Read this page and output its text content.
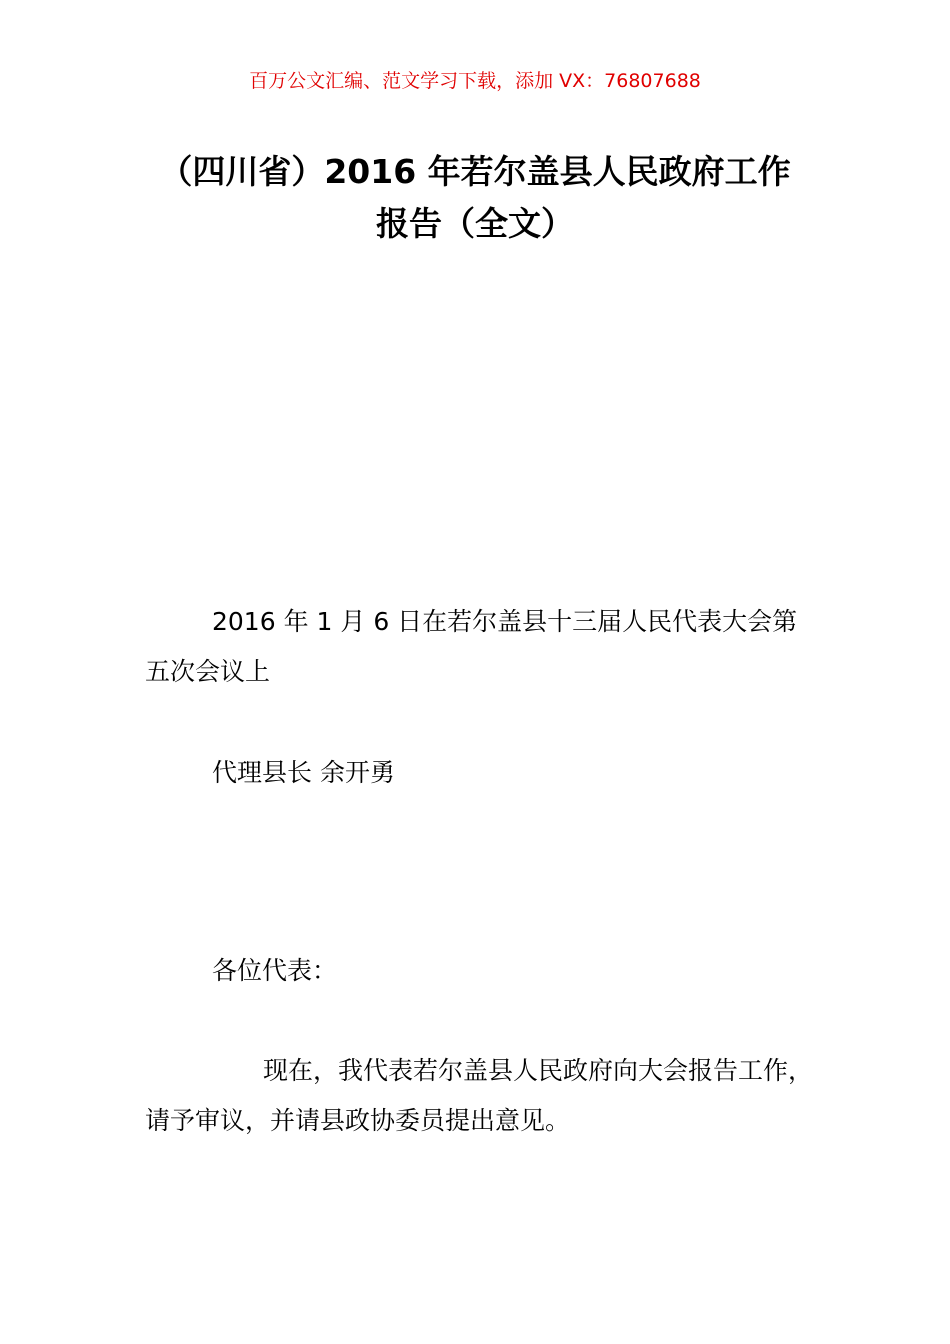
百万公文汇编、范文学习下载，添加 VX：76807688
（四川省）2016 年若尔盖县人民政府工作
报告（全文）
2016 年 1 月 6 日在若尔盖县十三届人民代表大会第
五次会议上
代理县长 余开勇
各位代表：
现在，我代表若尔盖县人民政府向大会报告工作，
请予审议，并请县政协委员提出意见。
